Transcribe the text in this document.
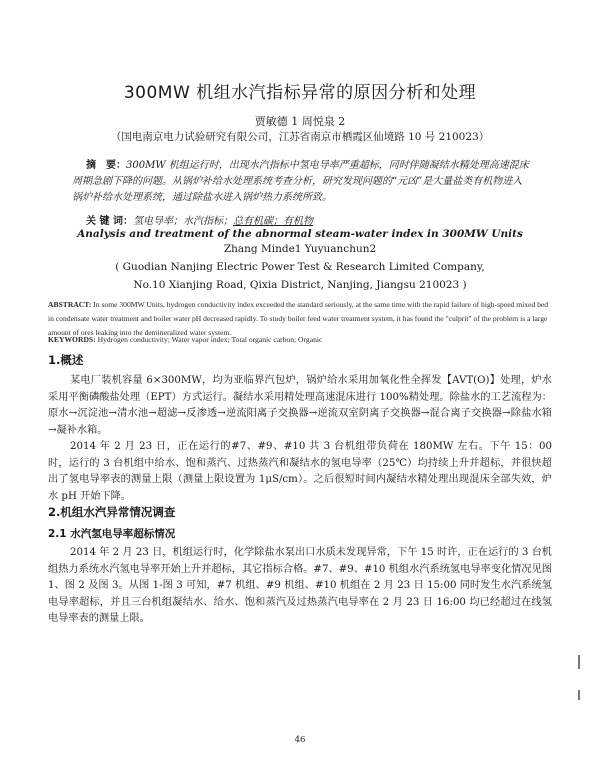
300MW 机组水汽指标异常的原因分析和处理
贾敏德 1 周悦泉 2
（国电南京电力试验研究有限公司，江苏省南京市栖霞区仙境路 10 号 210023）
摘　要：300MW 机组运行时，出现水汽指标中氢电导率严重超标，同时伴随凝结水精处理高速混床周期急剧下降的问题。从锅炉补给水处理系统考查分析，研究发现问题的“元凶”是大量盐类有机物进入锅炉补给水处理系统，通过除盐水进入锅炉热力系统所致。
关 键 词：氢电导率；水汽指标；总有机碳；有机物
Analysis and treatment of the abnormal steam-water index in 300MW Units
Zhang Minde1 Yuyuanchun2
( Guodian Nanjing Electric Power Test & Research Limited Company,
No.10 Xianjing Road, Qixia District, Nanjing, Jiangsu 210023 )
ABSTRACT: In some 300MW Units, hydrogen conductivity index exceeded the standard seriously, at the same time with the rapid failure of high-speed mixed bed in condensate water treatment and boiler water pH decreased rapidly. To study boiler feed water treatment system, it has found the "culprit" of the problem is a large amount of ores leaking into the demineralized water system.
KEYWORDS: Hydrogen conductivity; Water vapor index; Total organic carbon; Organic
1.概述
某电厂装机容量 6×300MW，均为亚临界汽包炉，锅炉给水采用加氧化性全挥发【AVT(O)】处理，炉水采用平衡磷酸盐处理（EPT）方式运行。凝结水采用精处理高速混床进行 100%精处理。除盐水的工艺流程为：原水→沉淀池→清水池→超滤→反渗透→逆流阳离子交换器→逆流双室阴离子交换器→混合离子交换器→除盐水箱→凝补水箱。
2014 年 2 月 23 日，正在运行的#7、#9、#10 共 3 台机组带负荷在 180MW 左右。下午 15：00 时，运行的 3 台机组中给水、饱和蒸汽、过热蒸汽和凝结水的氢电导率（25℃）均持续上升并超标，并很快超出了氢电导率表的测量上限（测量上限设置为 1μS/cm）。之后很短时间内凝结水精处理出现混床全部失效，炉水 pH 开始下降。
2.机组水汽异常情况调查
2.1 水汽氢电导率超标情况
2014 年 2 月 23 日，机组运行时，化学除盐水泵出口水质未发现异常，下午 15 时许，正在运行的 3 台机组热力系统水汽氢电导率开始上升并超标，其它指标合格。#7、#9、#10 机组水汽系统氢电导率变化情况见图 1、图 2 及图 3。从图 1-图 3 可知，#7 机组、#9 机组、#10 机组在 2 月 23 日 15:00 同时发生水汽系统氢电导率超标，并且三台机组凝结水、给水、饱和蒸汽及过热蒸汽电导率在 2 月 23 日 16:00 均已经超过在线氢电导率表的测量上限。
46
